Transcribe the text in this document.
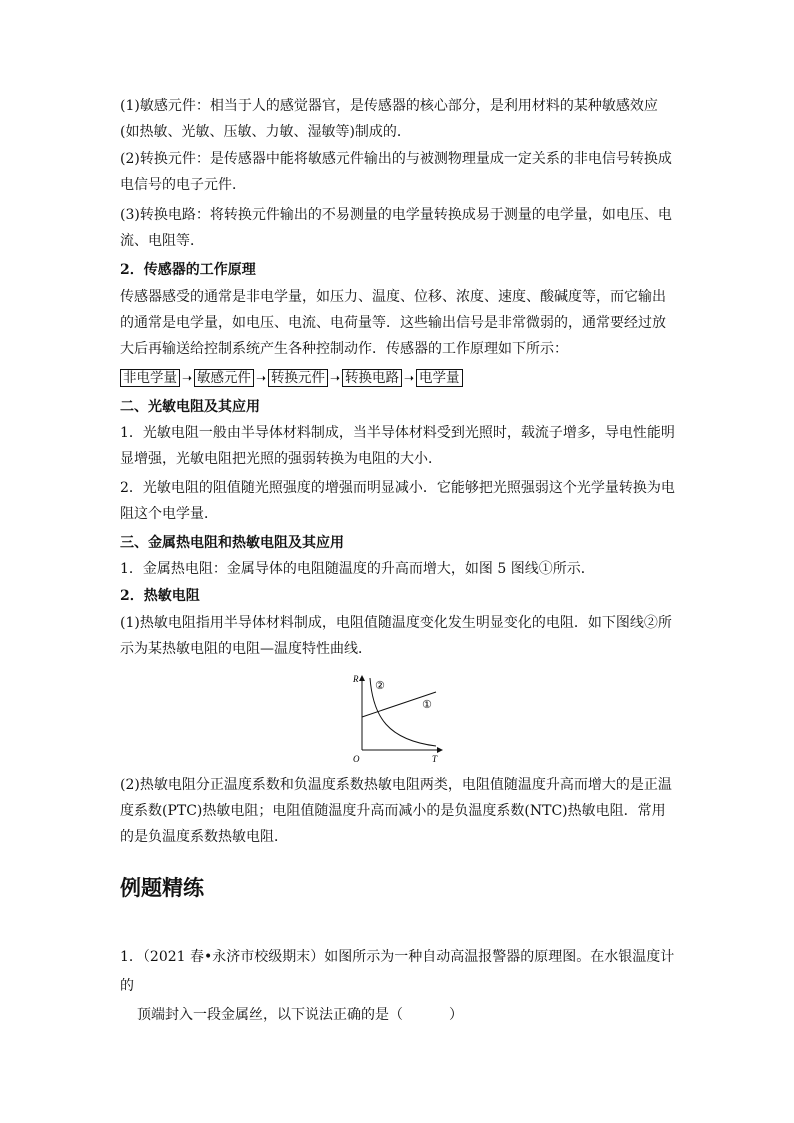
(1)敏感元件：相当于人的感觉器官，是传感器的核心部分，是利用材料的某种敏感效应(如热敏、光敏、压敏、力敏、湿敏等)制成的．

(2)转换元件：是传感器中能将敏感元件输出的与被测物理量成一定关系的非电信号转换成电信号的电子元件．

(3)转换电路：将转换元件输出的不易测量的电学量转换成易于测量的电学量，如电压、电流、电阻等．

2．传感器的工作原理

传感器感受的通常是非电学量，如压力、温度、位移、浓度、速度、酸碱度等，而它输出的通常是电学量，如电压、电流、电荷量等．这些输出信号是非常微弱的，通常要经过放大后再输送给控制系统产生各种控制动作．传感器的工作原理如下所示：

非电学量 ➝ 敏感元件 ➝ 转换元件 ➝ 转换电路 ➝ 电学量

二、光敏电阻及其应用

1．光敏电阻一般由半导体材料制成，当半导体材料受到光照时，载流子增多，导电性能明显增强，光敏电阻把光照的强弱转换为电阻的大小．

2．光敏电阻的阻值随光照强度的增强而明显减小．它能够把光照强弱这个光学量转换为电阻这个电学量．

三、金属热电阻和热敏电阻及其应用

1．金属热电阻：金属导体的电阻随温度的升高而增大，如图 5 图线①所示．

2．热敏电阻

(1)热敏电阻指用半导体材料制成，电阻值随温度变化发生明显变化的电阻．如下图线②所示为某热敏电阻的电阻—温度特性曲线．

R
T
O
②
①

(2)热敏电阻分正温度系数和负温度系数热敏电阻两类，电阻值随温度升高而增大的是正温度系数(PTC)热敏电阻；电阻值随温度升高而减小的是负温度系数(NTC)热敏电阻．常用的是负温度系数热敏电阻．

例题精练
1．（2021 春•永济市校级期末）如图所示为一种自动高温报警器的原理图。在水银温度计的
顶端封入一段金属丝，以下说法正确的是（	）
